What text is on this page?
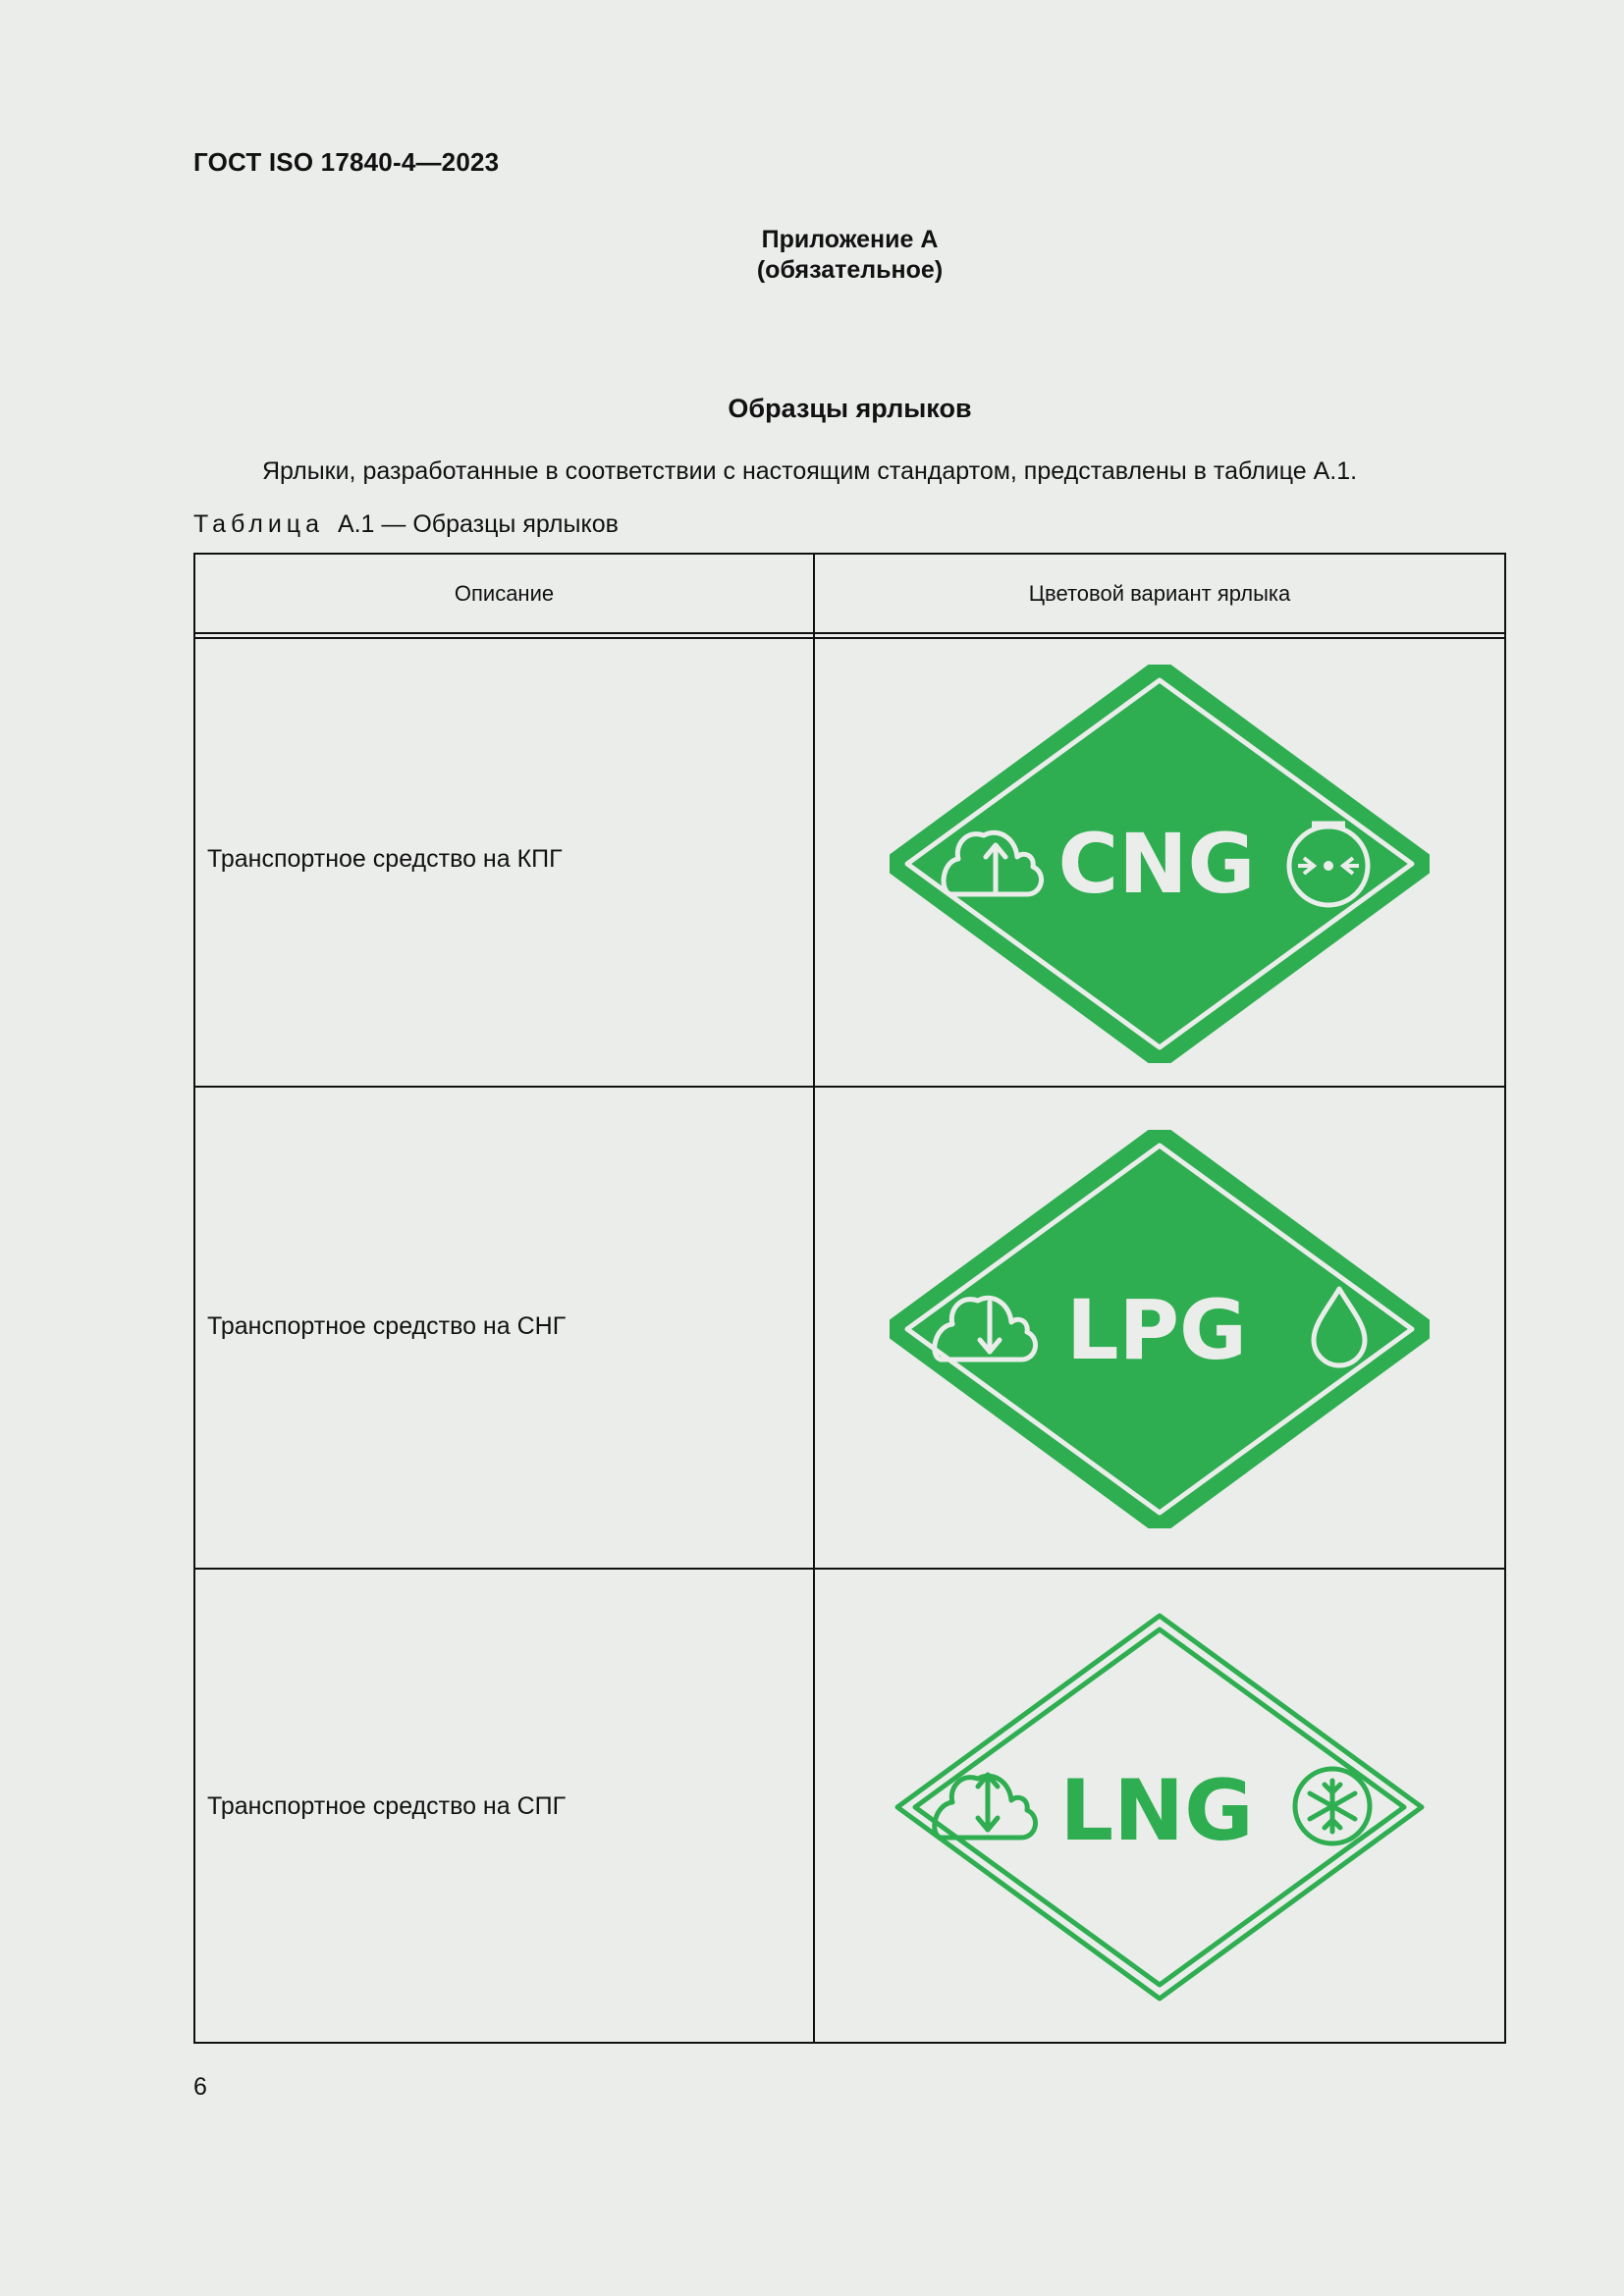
ГОСТ ISO 17840-4—2023
Приложение А
(обязательное)
Образцы ярлыков
Ярлыки, разработанные в соответствии с настоящим стандартом, представлены в таблице А.1.
Таблица А.1 — Образцы ярлыков
Описание	Цветовой вариант ярлыка
Транспортное средство на КПГ	CNG
Транспортное средство на СНГ	LPG
Транспортное средство на СПГ	LNG
6
